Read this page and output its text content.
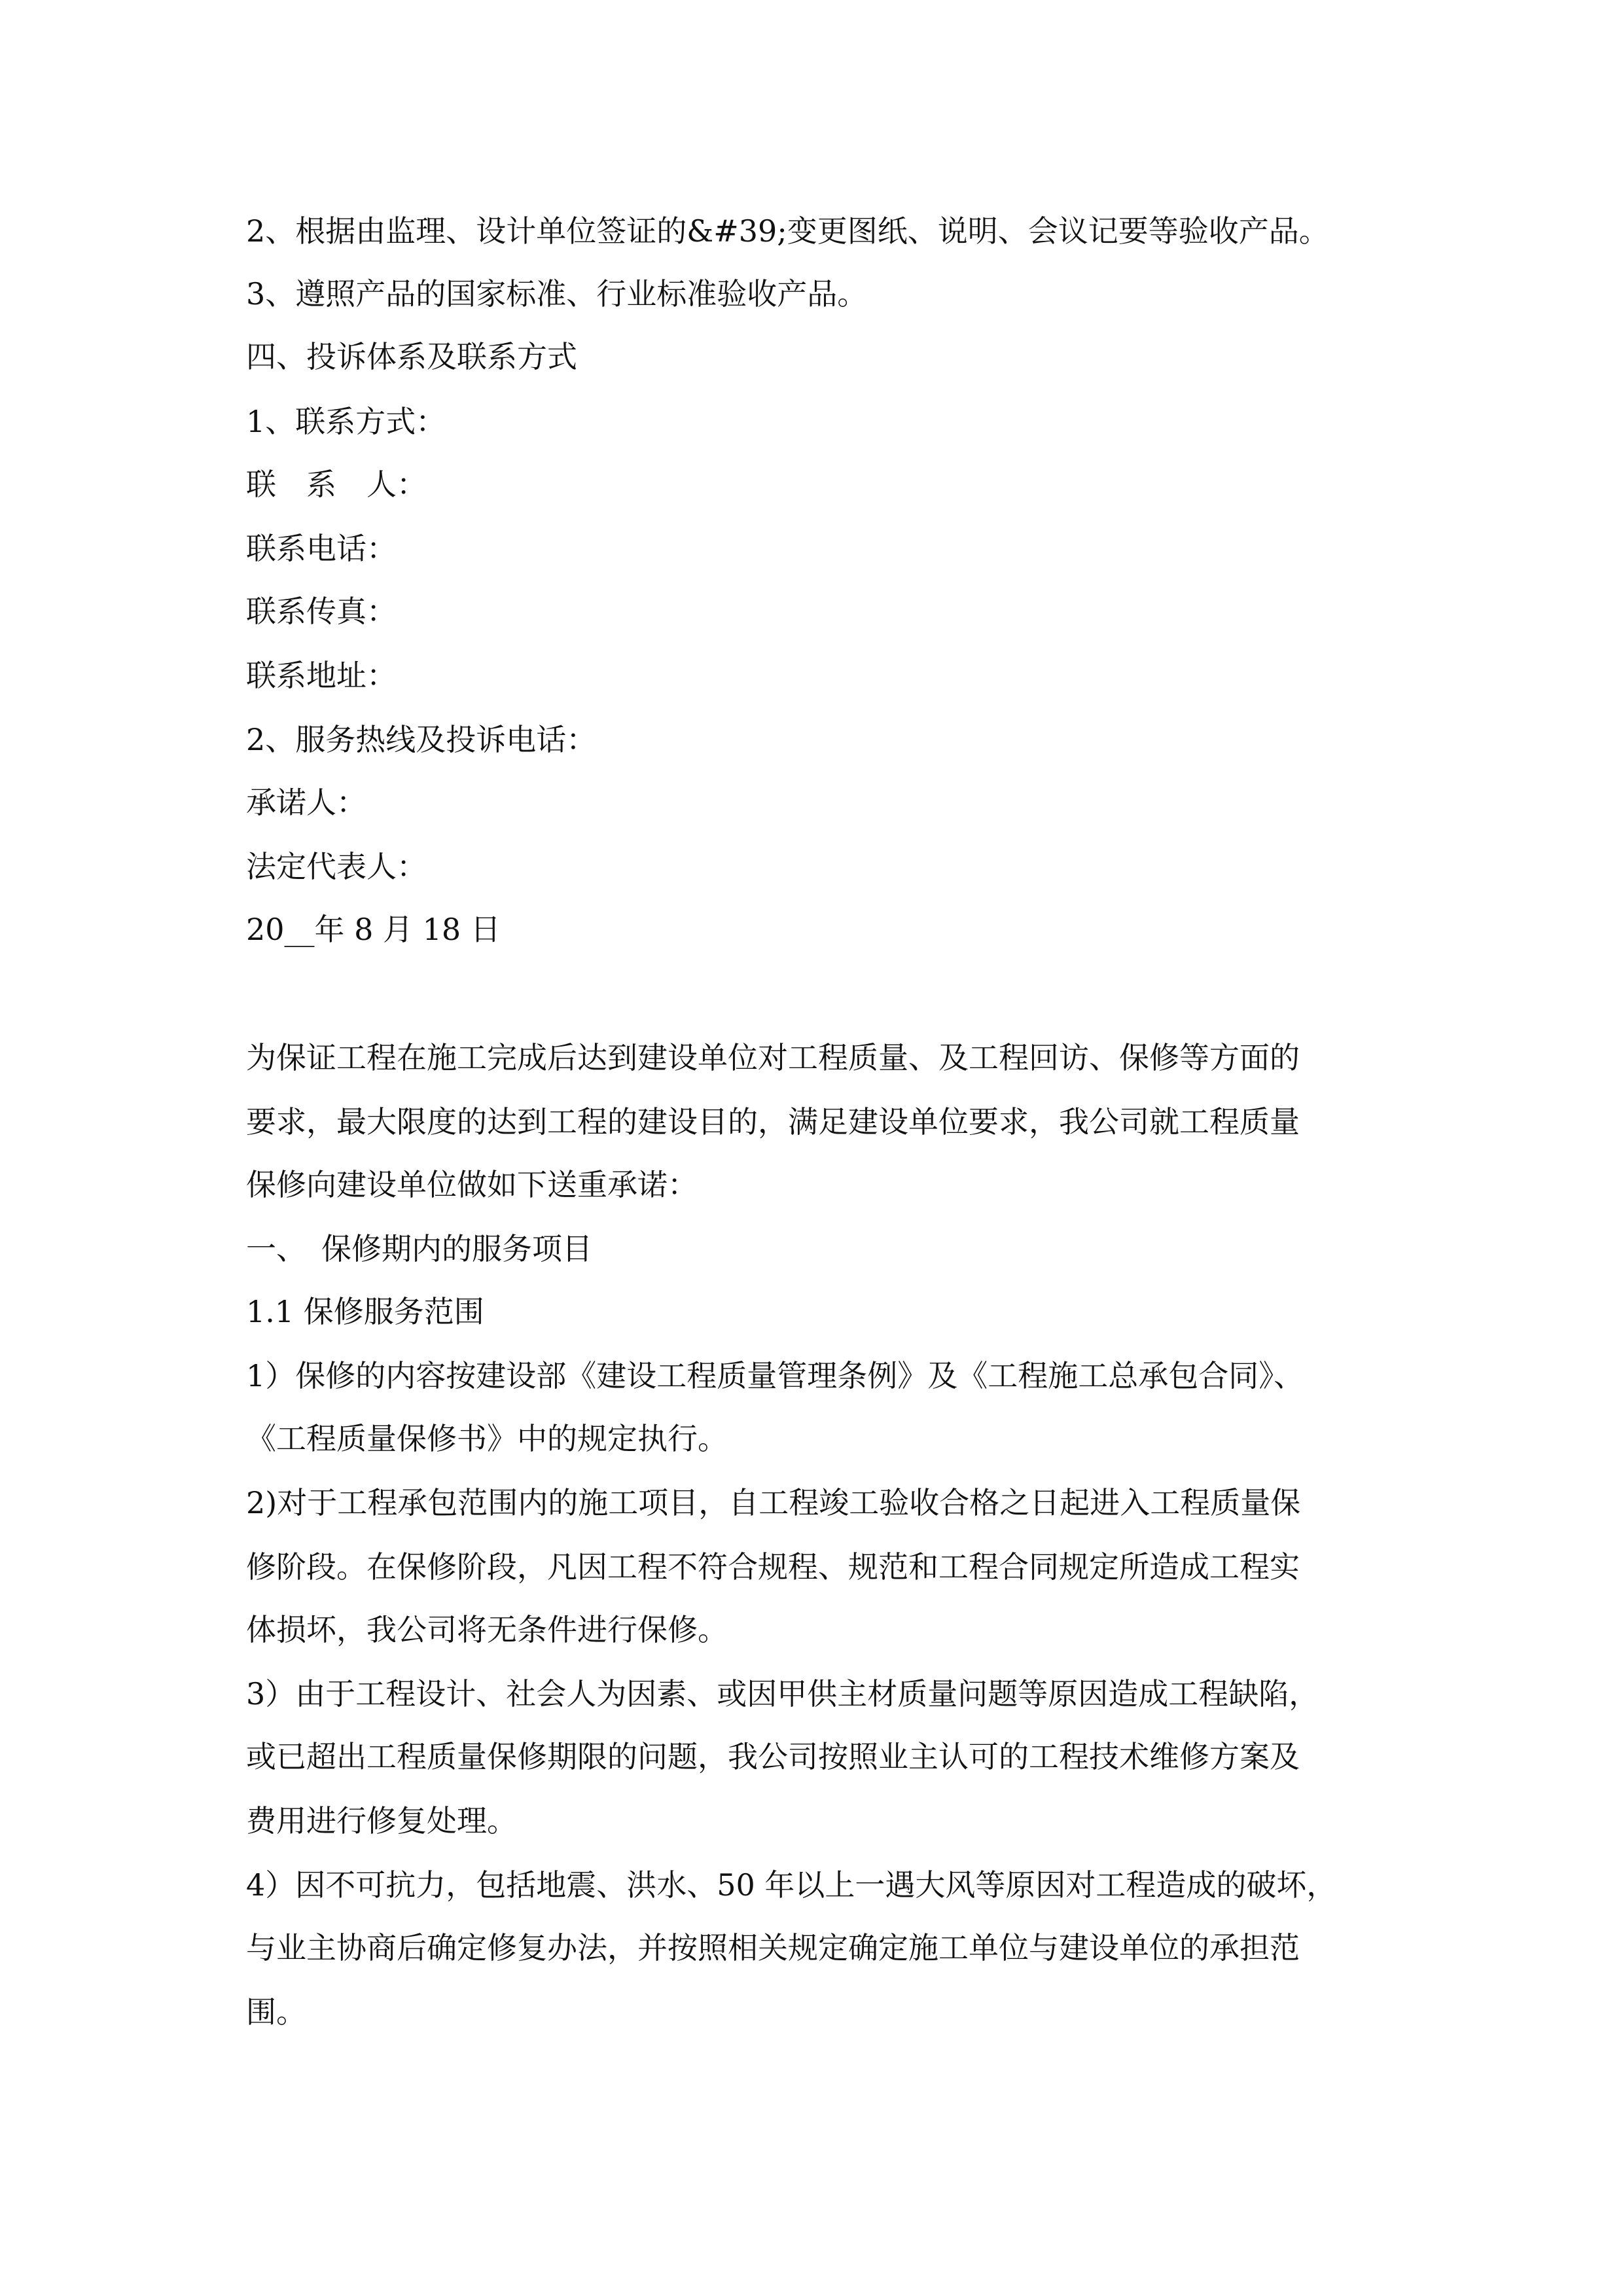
2、根据由监理、设计单位签证的&#39;变更图纸、说明、会议记要等验收产品。
3、遵照产品的国家标准、行业标准验收产品。
四、投诉体系及联系方式
1、联系方式：
联　系　人：
联系电话：
联系传真：
联系地址：
2、服务热线及投诉电话：
承诺人：
法定代表人：
20__年 8 月 18 日
为保证工程在施工完成后达到建设单位对工程质量、及工程回访、保修等方面的
要求，最大限度的达到工程的建设目的，满足建设单位要求，我公司就工程质量
保修向建设单位做如下送重承诺：
一、　保修期内的服务项目
1.1 保修服务范围
1）保修的内容按建设部《建设工程质量管理条例》及《工程施工总承包合同》、
《工程质量保修书》中的规定执行。
2)对于工程承包范围内的施工项目，自工程竣工验收合格之日起进入工程质量保
修阶段。在保修阶段，凡因工程不符合规程、规范和工程合同规定所造成工程实
体损坏，我公司将无条件进行保修。
3）由于工程设计、社会人为因素、或因甲供主材质量问题等原因造成工程缺陷，
或已超出工程质量保修期限的问题，我公司按照业主认可的工程技术维修方案及
费用进行修复处理。
4）因不可抗力，包括地震、洪水、50 年以上一遇大风等原因对工程造成的破坏，
与业主协商后确定修复办法，并按照相关规定确定施工单位与建设单位的承担范
围。
